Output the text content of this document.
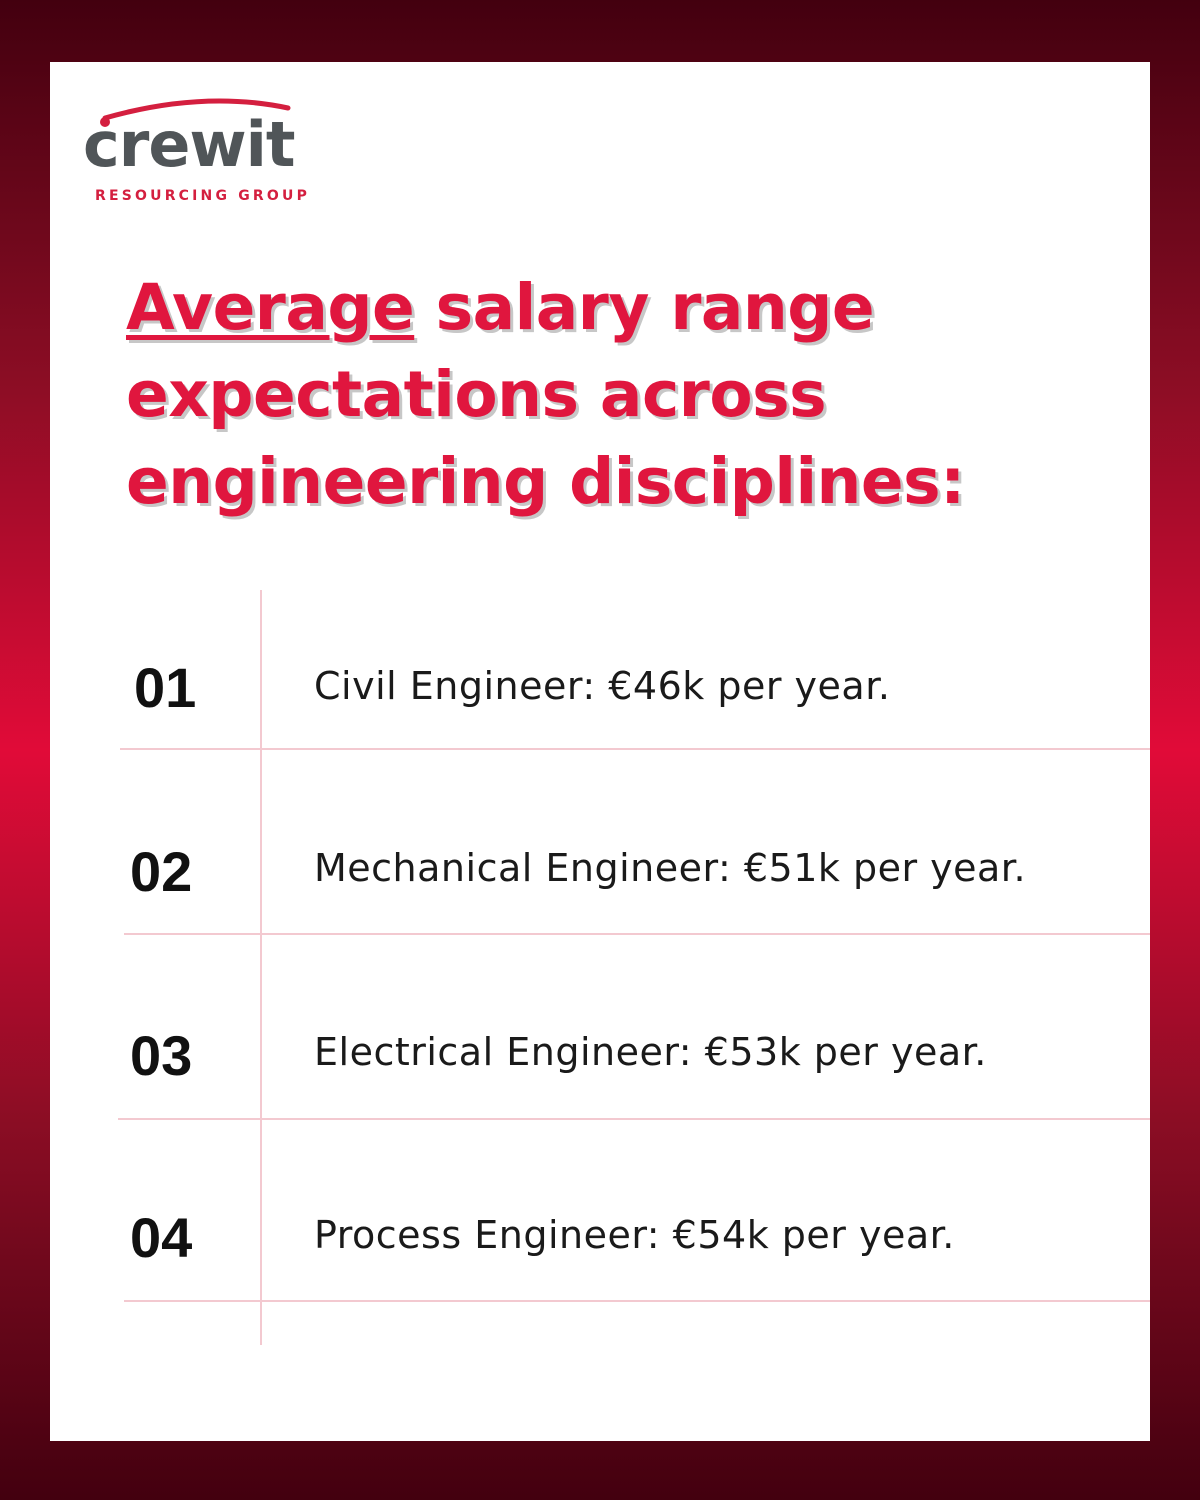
crewit
RESOURCING GROUP
Average salary range expectations across engineering disciplines:
01	Civil Engineer: €46k per year.
02	Mechanical Engineer: €51k per year.
03	Electrical Engineer: €53k per year.
04	Process Engineer: €54k per year.
